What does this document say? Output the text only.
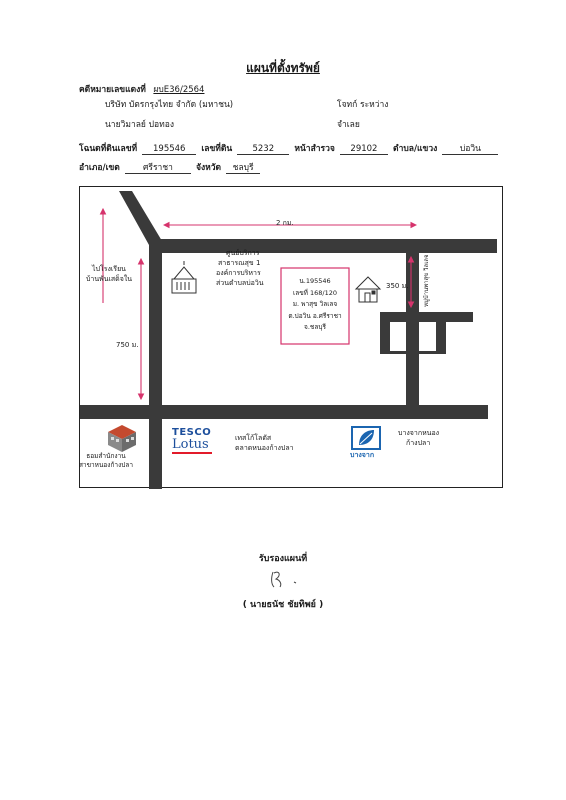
แผนที่ตั้งทรัพย์
คดีหมายเลขแดงที่ ผบE36/2564
บริษัท บัตรกรุงไทย จำกัด (มหาชน)	โจทก์ ระหว่าง
นายวิมาลย์ ปอทอง	จำเลย
โฉนดที่ดินเลขที่ 195546 เลขที่ดิน 5232 หน้าสำรวจ 29102 ตำบล/แขวง	บ่อวิน
อำเภอ/เขต	ศรีราชา	จังหวัด ชลบุรี
2 กม.
750 ม.
350 ม.
ไปโรงเรียน
บ้านพันเสด็จใน
ศูนย์บริการ
สาธารณสุข 1
องค์การบริหาร
ส่วนตำบลบ่อวิน	น.195546
เลขที่ 168/120
ม. พาสุข วิลเลจ
ต.บ่อวิน อ.ศรีราชา
จ.ชลบุรี
หมู่บ้านพาสุข วิลเลจ
ธอมสำนักงาน
สาขาหนองก้างปลา
TESCO
Lotus	เทสโก้โลตัส
ตลาดหนองก้างปลา
บางจาก
บางจากหนอง
ก้างปลา
รับรองแผนที่
( นายธนัช ชัยทิพย์ )
